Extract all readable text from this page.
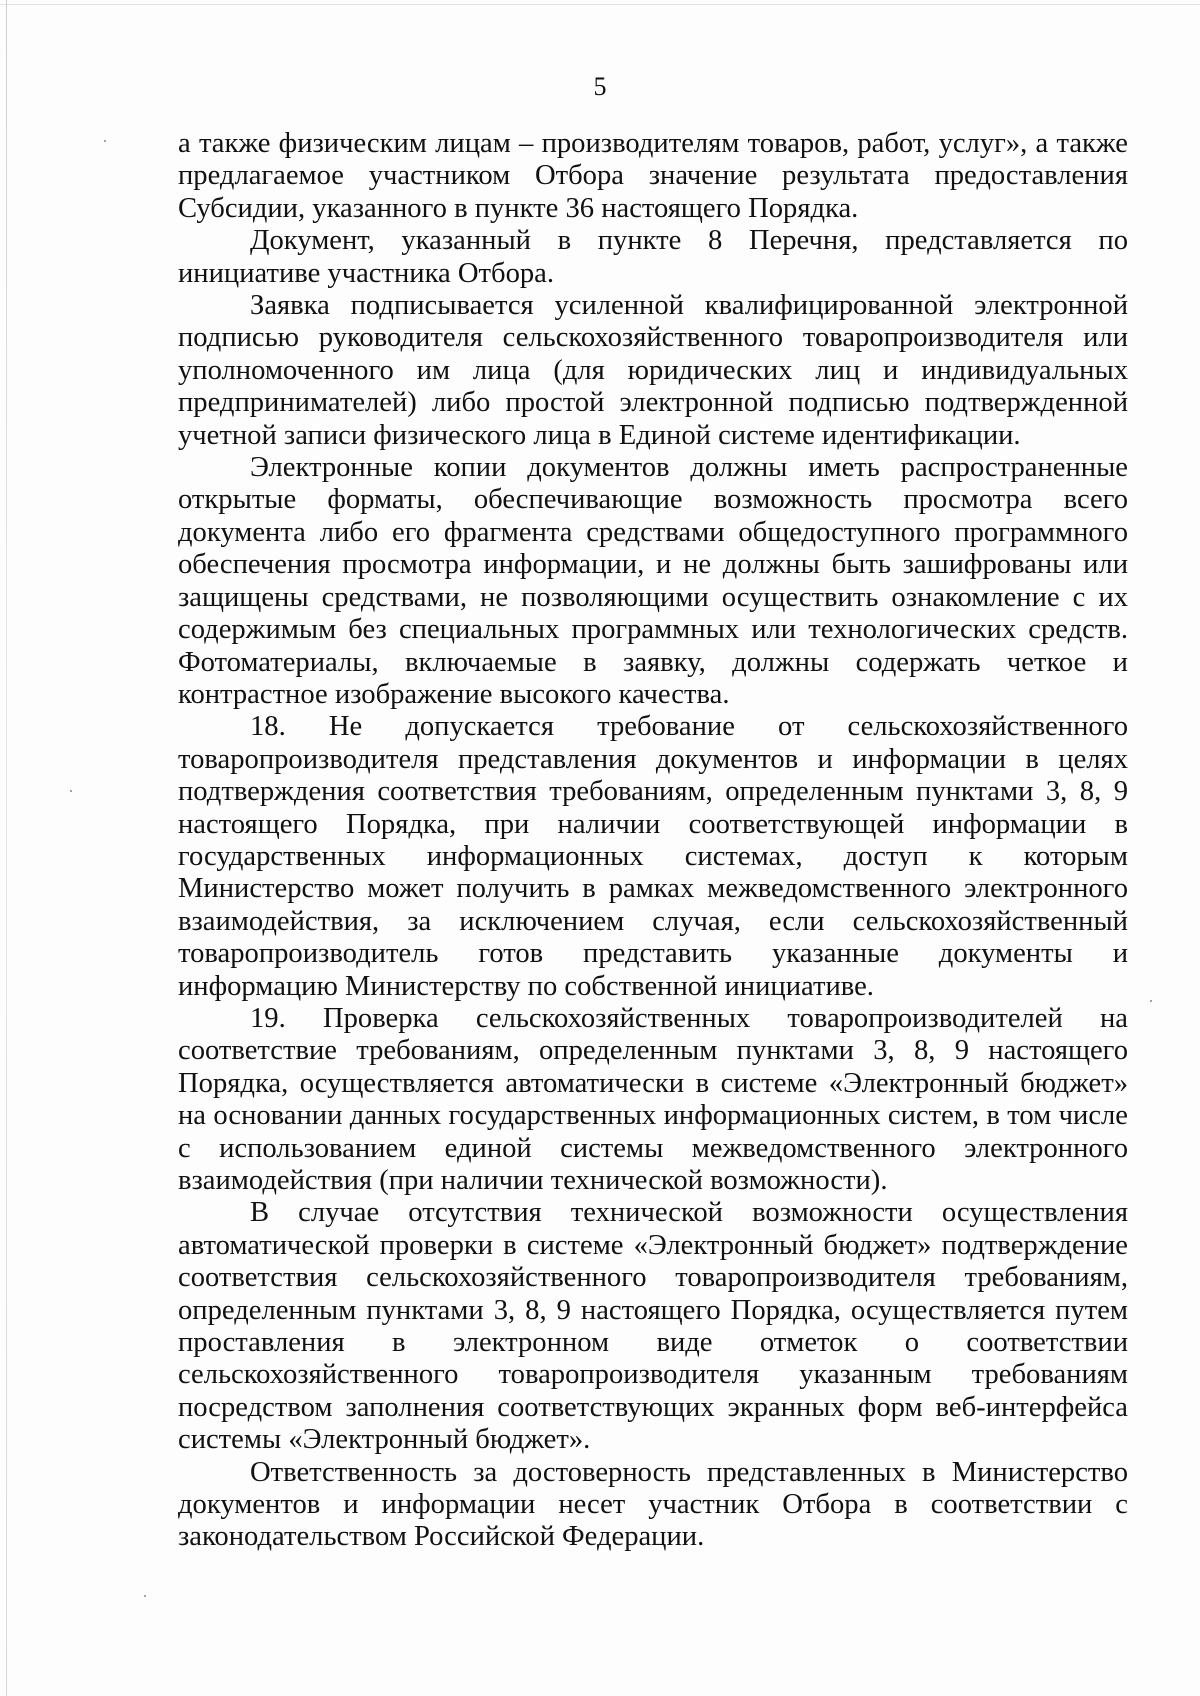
5

а также физическим лицам – производителям товаров, работ, услуг», а также предлагаемое участником Отбора значение результата предоставления Субсидии, указанного в пункте 36 настоящего Порядка.

Документ, указанный в пункте 8 Перечня, представляется по инициативе участника Отбора.

Заявка подписывается усиленной квалифицированной электронной подписью руководителя сельскохозяйственного товаропроизводителя или уполномоченного им лица (для юридических лиц и индивидуальных предпринимателей) либо простой электронной подписью подтвержденной учетной записи физического лица в Единой системе идентификации.

Электронные копии документов должны иметь распространенные открытые форматы, обеспечивающие возможность просмотра всего документа либо его фрагмента средствами общедоступного программного обеспечения просмотра информации, и не должны быть зашифрованы или защищены средствами, не позволяющими осуществить ознакомление с их содержимым без специальных программных или технологических средств. Фотоматериалы, включаемые в заявку, должны содержать четкое и контрастное изображение высокого качества.

18. Не допускается требование от сельскохозяйственного товаропроизводителя представления документов и информации в целях подтверждения соответствия требованиям, определенным пунктами 3, 8, 9 настоящего Порядка, при наличии соответствующей информации в государственных информационных системах, доступ к которым Министерство может получить в рамках межведомственного электронного взаимодействия, за исключением случая, если сельскохозяйственный товаропроизводитель готов представить указанные документы и информацию Министерству по собственной инициативе.

19. Проверка сельскохозяйственных товаропроизводителей на соответствие требованиям, определенным пунктами 3, 8, 9 настоящего Порядка, осуществляется автоматически в системе «Электронный бюджет» на основании данных государственных информационных систем, в том числе с использованием единой системы межведомственного электронного взаимодействия (при наличии технической возможности).

В случае отсутствия технической возможности осуществления автоматической проверки в системе «Электронный бюджет» подтверждение соответствия сельскохозяйственного товаропроизводителя требованиям, определенным пунктами 3, 8, 9 настоящего Порядка, осуществляется путем проставления в электронном виде отметок о соответствии сельскохозяйственного товаропроизводителя указанным требованиям посредством заполнения соответствующих экранных форм веб-интерфейса системы «Электронный бюджет».

Ответственность за достоверность представленных в Министерство документов и информации несет участник Отбора в соответствии с законодательством Российской Федерации.
